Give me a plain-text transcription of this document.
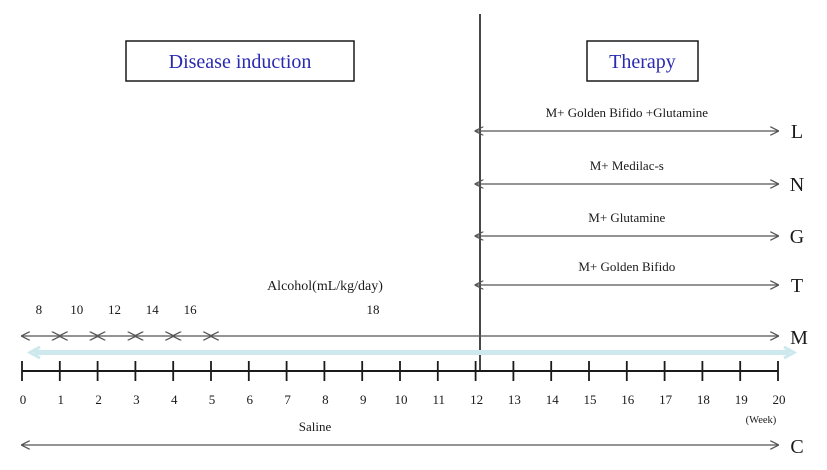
Disease induction	Therapy
M+ Golden Bifido +Glutamine
L
M+ Medilac-s
N
M+ Glutamine
G
M+ Golden Bifido
T
Alcohol(mL/kg/day)
8 10 12 14 16	18
M
0 1 2 3 4 5 6 7 8 9 10 11 12 13 14 15 16 17 18 19 20
(Week)
Saline
C
